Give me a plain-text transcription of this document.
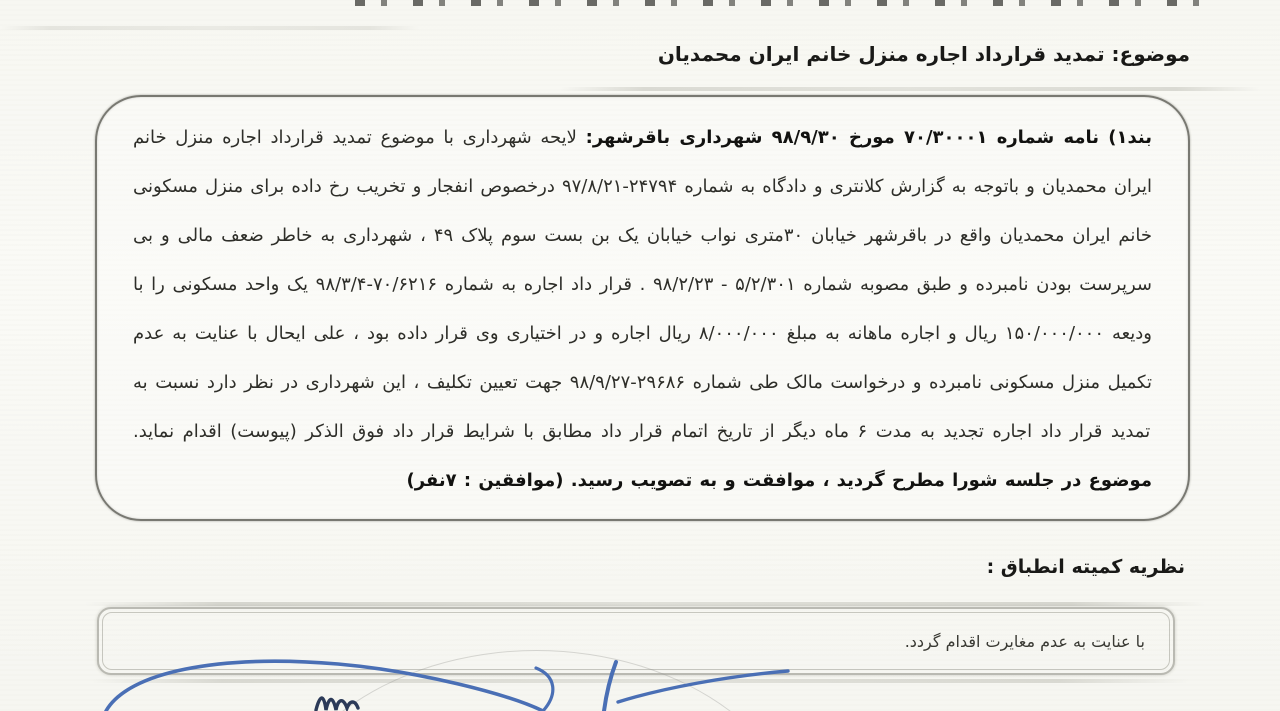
موضوع: تمدید قرارداد اجاره منزل خانم ایران محمدیان
بند۱) نامه شماره ۷۰/۳۰۰۰۱ مورخ ۹۸/۹/۳۰ شهرداری باقرشهر: لایحه شهرداری با موضوع تمدید قرارداد اجاره منزل خانم ایران محمدیان و باتوجه به گزارش کلانتری و دادگاه به شماره ۲۴۷۹۴-۹۷/۸/۲۱ درخصوص انفجار و تخریب رخ داده برای منزل مسکونی خانم ایران محمدیان واقع در باقرشهر خیابان ۳۰متری نواب خیابان یک بن بست سوم پلاک ۴۹ ، شهرداری به خاطر ضعف مالی و بی سرپرست بودن نامبرده و طبق مصوبه شماره ۵/۲/۳۰۱ - ۹۸/۲/۲۳ . قرار داد اجاره به شماره ۷۰/۶۲۱۶-۹۸/۳/۴ یک واحد مسکونی را با ودیعه ۱۵۰/۰۰۰/۰۰۰ ریال و اجاره ماهانه به مبلغ ۸/۰۰۰/۰۰۰ ریال اجاره و در اختیاری وی قرار داده بود ، علی ایحال با عنایت به عدم تکمیل منزل مسکونی نامبرده و درخواست مالک طی شماره ۲۹۶۸۶-۹۸/۹/۲۷ جهت تعیین تکلیف ، این شهرداری در نظر دارد نسبت به تمدید قرار داد اجاره تجدید به مدت ۶ ماه دیگر از تاریخ اتمام قرار داد مطابق با شرایط قرار داد فوق الذکر (پیوست) اقدام نماید. موضوع در جلسه شورا مطرح گردید ، موافقت و به تصویب رسید. (موافقین : ۷نفر)
نظریه کمیته انطباق :
با عنایت به عدم مغایرت اقدام گردد.
